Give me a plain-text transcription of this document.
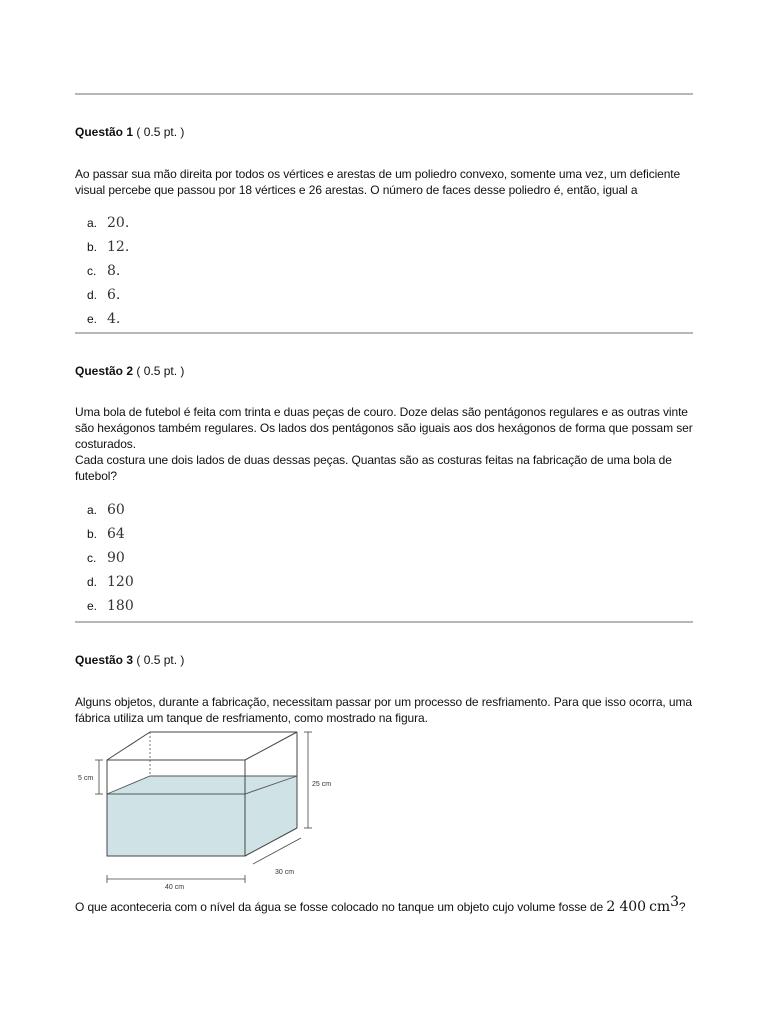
Questão 1 ( 0.5 pt. )
Ao passar sua mão direita por todos os vértices e arestas de um poliedro convexo, somente uma vez, um deficiente visual percebe que passou por 18 vértices e 26 arestas. O número de faces desse poliedro é, então, igual a
a. 20.
b. 12.
c. 8.
d. 6.
e. 4.
Questão 2 ( 0.5 pt. )
Uma bola de futebol é feita com trinta e duas peças de couro. Doze delas são pentágonos regulares e as outras vinte são hexágonos também regulares. Os lados dos pentágonos são iguais aos dos hexágonos de forma que possam ser costurados.
Cada costura une dois lados de duas dessas peças. Quantas são as costuras feitas na fabricação de uma bola de futebol?
a. 60
b. 64
c. 90
d. 120
e. 180
Questão 3 ( 0.5 pt. )
Alguns objetos, durante a fabricação, necessitam passar por um processo de resfriamento. Para que isso ocorra, uma fábrica utiliza um tanque de resfriamento, como mostrado na figura.
5 cm
25 cm
30 cm
40 cm
O que aconteceria com o nível da água se fosse colocado no tanque um objeto cujo volume fosse de 2 400 $cm^3$?
